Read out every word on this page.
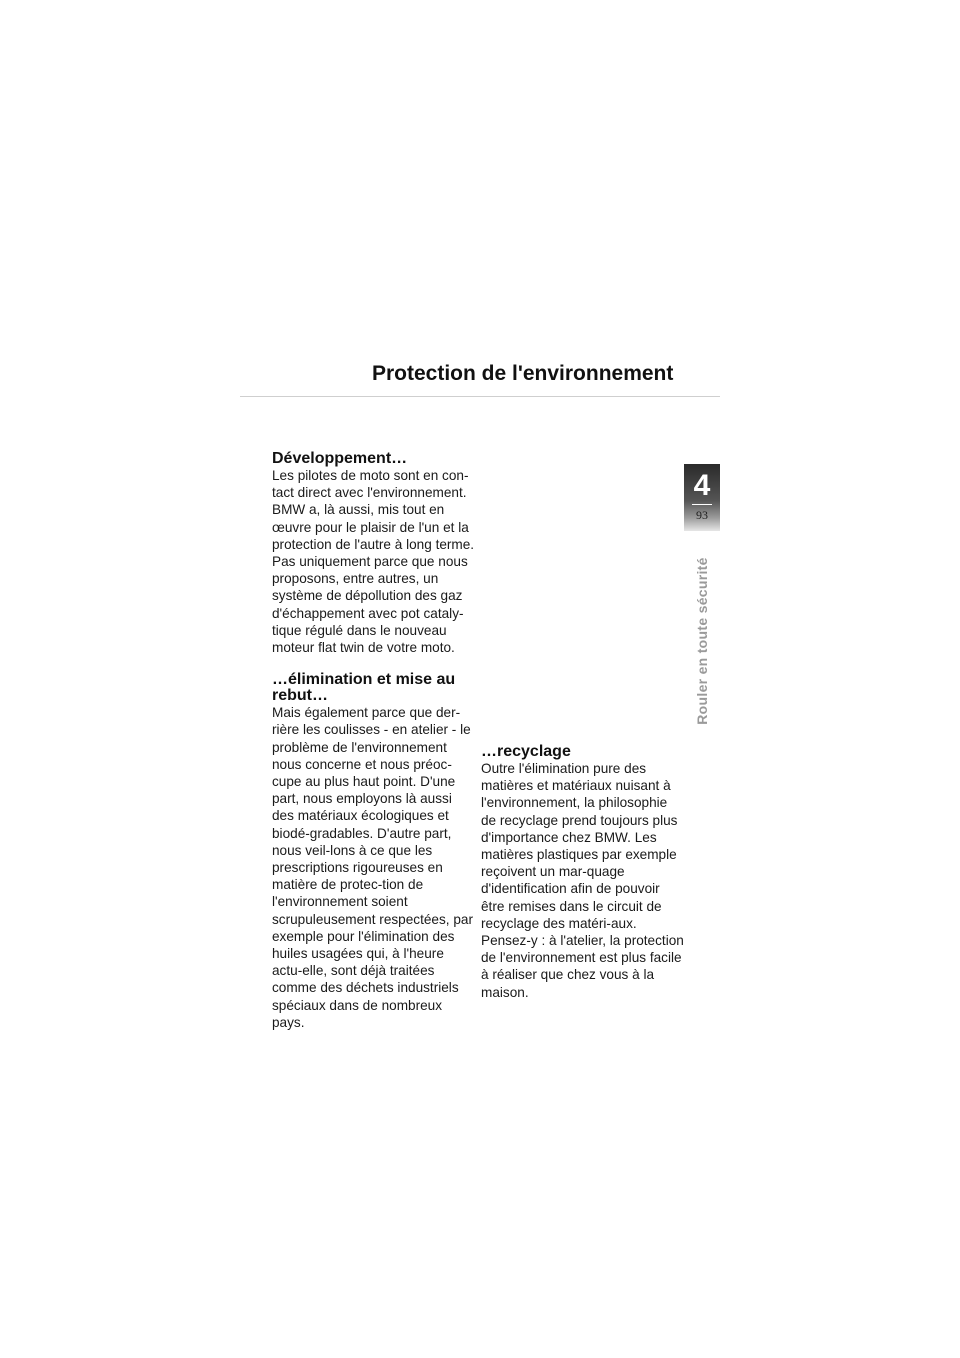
Protection de l'environnement
Développement…

Les pilotes de moto sont en con-tact direct avec l'environnement. BMW a, là aussi, mis tout en œuvre pour le plaisir de l'un et la protection de l'autre à long terme. Pas uniquement parce que nous proposons, entre autres, un système de dépollution des gaz d'échappement avec pot cataly-tique régulé dans le nouveau moteur flat twin de votre moto.

…élimination et mise au rebut…

Mais également parce que der-rière les coulisses - en atelier - le problème de l'environnement nous concerne et nous préoc-cupe au plus haut point. D'une part, nous employons là aussi des matériaux écologiques et biodé-gradables. D'autre part, nous veil-lons à ce que les prescriptions rigoureuses en matière de protec-tion de l'environnement soient scrupuleusement respectées, par exemple pour l'élimination des huiles usagées qui, à l'heure actu-elle, sont déjà traitées comme des déchets industriels spéciaux dans de nombreux pays.

…recyclage

Outre l'élimination pure des matières et matériaux nuisant à l'environnement, la philosophie de recyclage prend toujours plus d'importance chez BMW. Les matières plastiques par exemple reçoivent un mar-quage d'identification afin de pouvoir être remises dans le circuit de recyclage des matéri-aux. Pensez-y : à l'atelier, la protection de l'environnement est plus facile à réaliser que chez vous à la maison.

4
93
Rouler en toute sécurité
